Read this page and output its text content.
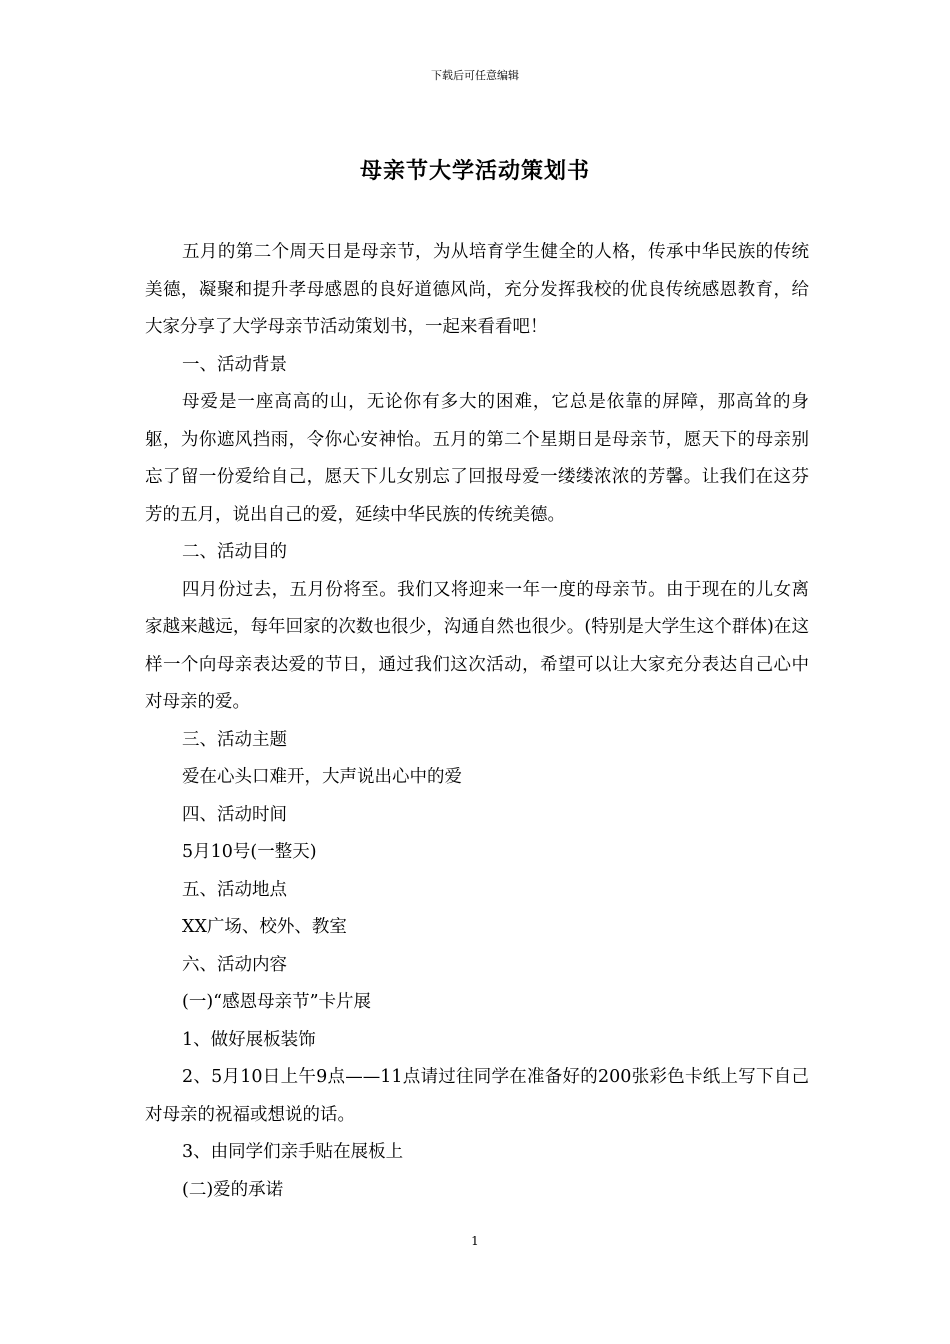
下载后可任意编辑
母亲节大学活动策划书

五月的第二个周天日是母亲节，为从培育学生健全的人格，传承中华民族的传统美德，凝聚和提升孝母感恩的良好道德风尚，充分发挥我校的优良传统感恩教育，给大家分享了大学母亲节活动策划书，一起来看看吧！

一、活动背景

母爱是一座高高的山，无论你有多大的困难，它总是依靠的屏障，那高耸的身躯，为你遮风挡雨，令你心安神怡。五月的第二个星期日是母亲节，愿天下的母亲别忘了留一份爱给自己，愿天下儿女别忘了回报母爱一缕缕浓浓的芳馨。让我们在这芬芳的五月，说出自己的爱，延续中华民族的传统美德。

二、活动目的

四月份过去，五月份将至。我们又将迎来一年一度的母亲节。由于现在的儿女离家越来越远，每年回家的次数也很少，沟通自然也很少。(特别是大学生这个群体)在这样一个向母亲表达爱的节日，通过我们这次活动，希望可以让大家充分表达自己心中对母亲的爱。

三、活动主题

爱在心头口难开，大声说出心中的爱

四、活动时间

5月10号(一整天)

五、活动地点

XX广场、校外、教室

六、活动内容

(一)“感恩母亲节”卡片展

1、做好展板装饰

2、5月10日上午9点——11点请过往同学在准备好的200张彩色卡纸上写下自己对母亲的祝福或想说的话。

3、由同学们亲手贴在展板上

(二)爱的承诺

1
